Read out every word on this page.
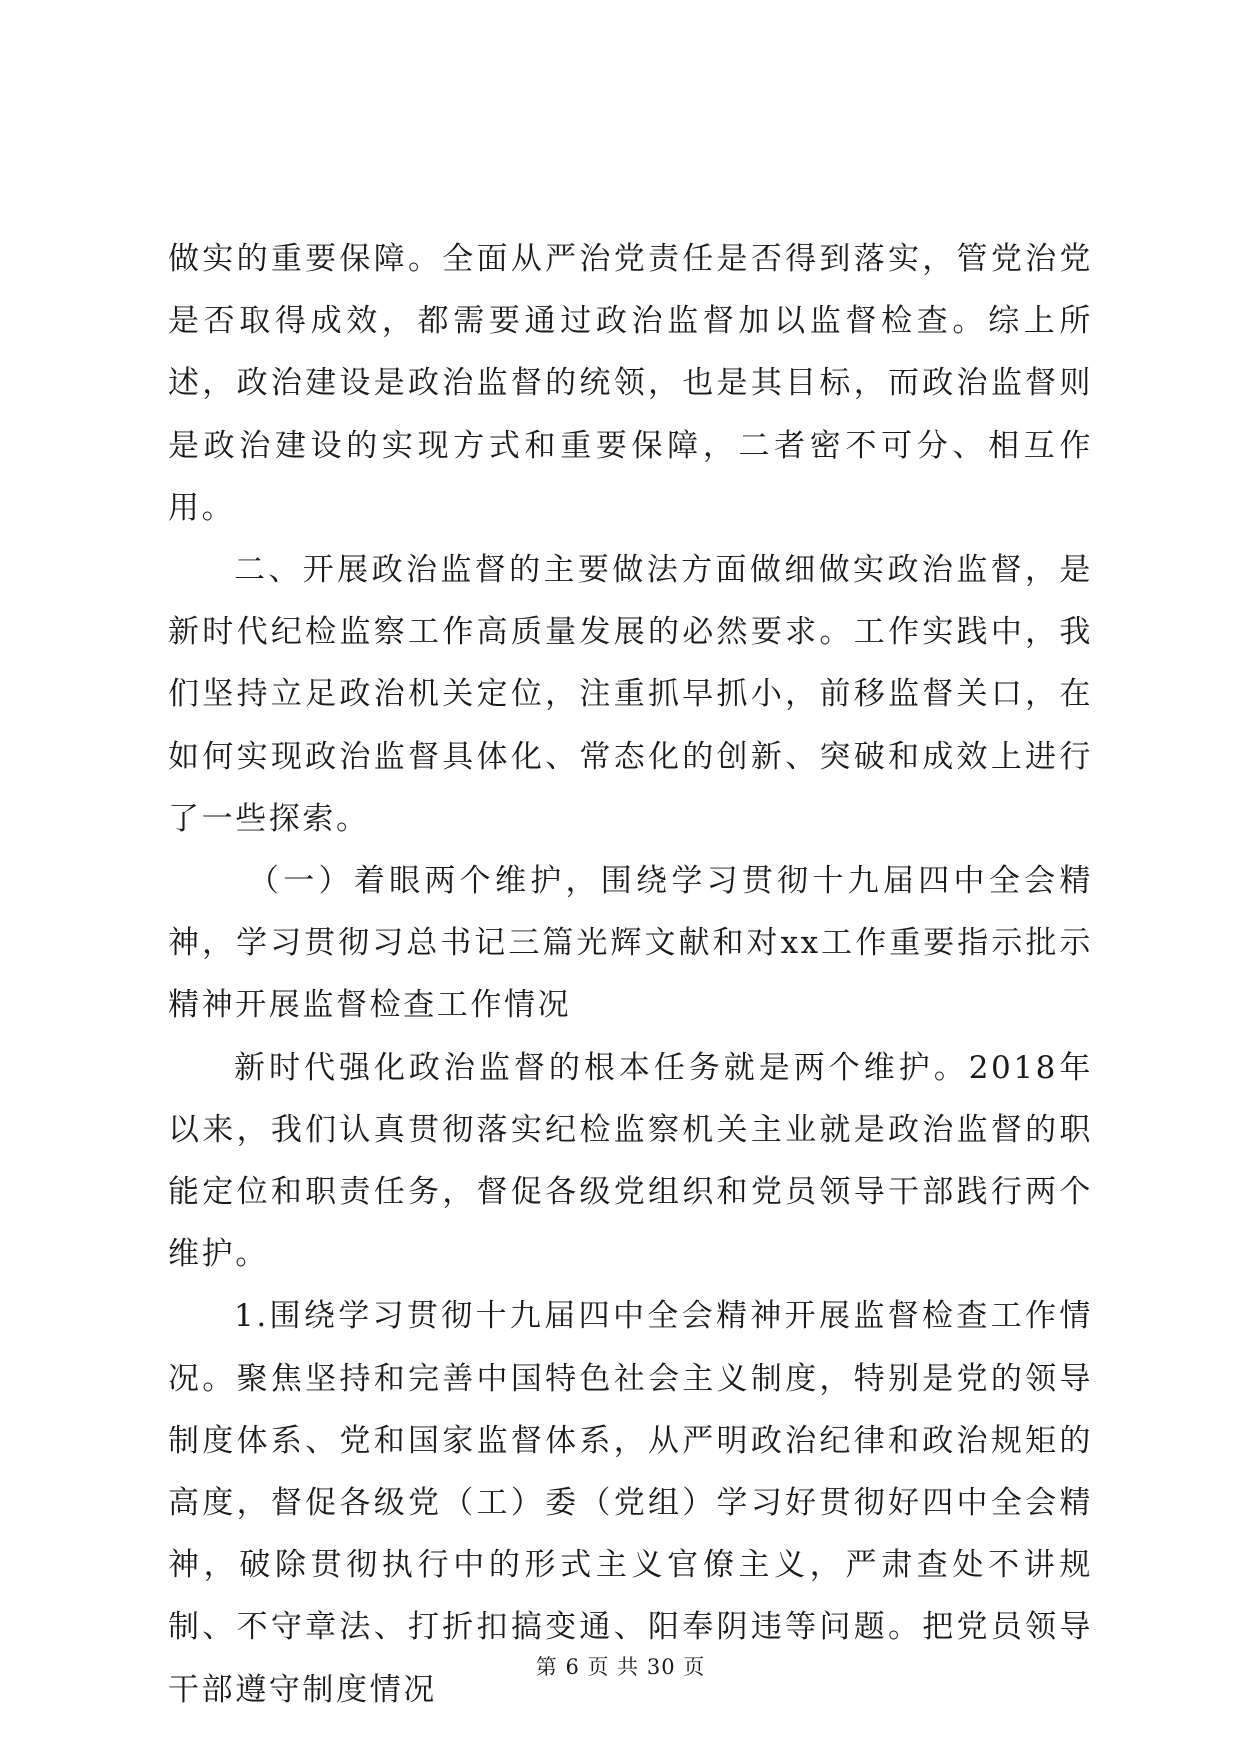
做实的重要保障。全面从严治党责任是否得到落实，管党治党是否取得成效，都需要通过政治监督加以监督检查。综上所述，政治建设是政治监督的统领，也是其目标，而政治监督则是政治建设的实现方式和重要保障，二者密不可分、相互作用。

二、开展政治监督的主要做法方面做细做实政治监督，是新时代纪检监察工作高质量发展的必然要求。工作实践中，我们坚持立足政治机关定位，注重抓早抓小，前移监督关口，在如何实现政治监督具体化、常态化的创新、突破和成效上进行了一些探索。

（一）着眼两个维护，围绕学习贯彻十九届四中全会精神，学习贯彻习总书记三篇光辉文献和对xx工作重要指示批示精神开展监督检查工作情况

新时代强化政治监督的根本任务就是两个维护。2018年以来，我们认真贯彻落实纪检监察机关主业就是政治监督的职能定位和职责任务，督促各级党组织和党员领导干部践行两个维护。

1.围绕学习贯彻十九届四中全会精神开展监督检查工作情况。聚焦坚持和完善中国特色社会主义制度，特别是党的领导制度体系、党和国家监督体系，从严明政治纪律和政治规矩的高度，督促各级党（工）委（党组）学习好贯彻好四中全会精神，破除贯彻执行中的形式主义官僚主义，严肃查处不讲规制、不守章法、打折扣搞变通、阳奉阴违等问题。把党员领导干部遵守制度情况

第 6 页 共 30 页
